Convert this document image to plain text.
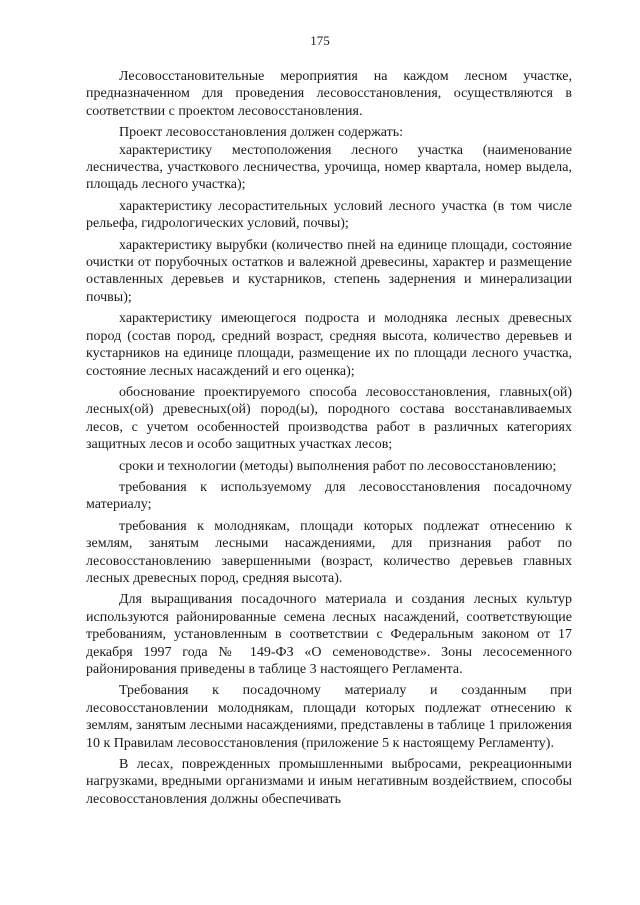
175

Лесовосстановительные мероприятия на каждом лесном участке, предназначенном для проведения лесовосстановления, осуществляются в соответствии с проектом лесовосстановления.

Проект лесовосстановления должен содержать:

характеристику местоположения лесного участка (наименование лесничества, участкового лесничества, урочища, номер квартала, номер выдела, площадь лесного участка);

характеристику лесорастительных условий лесного участка (в том числе рельефа, гидрологических условий, почвы);

характеристику вырубки (количество пней на единице площади, состояние очистки от порубочных остатков и валежной древесины, характер и размещение оставленных деревьев и кустарников, степень задернения и минерализации почвы);

характеристику имеющегося подроста и молодняка лесных древесных пород (состав пород, средний возраст, средняя высота, количество деревьев и кустарников на единице площади, размещение их по площади лесного участка, состояние лесных насаждений и его оценка);

обоснование проектируемого способа лесовосстановления, главных(ой) лесных(ой) древесных(ой) пород(ы), породного состава восстанавливаемых лесов, с учетом особенностей производства работ в различных категориях защитных лесов и особо защитных участках лесов;

сроки и технологии (методы) выполнения работ по лесовосстановлению;

требования к используемому для лесовосстановления посадочному материалу;

требования к молоднякам, площади которых подлежат отнесению к землям, занятым лесными насаждениями, для признания работ по лесовосстановлению завершенными (возраст, количество деревьев главных лесных древесных пород, средняя высота).

Для выращивания посадочного материала и создания лесных культур используются районированные семена лесных насаждений, соответствующие требованиям, установленным в соответствии с Федеральным законом от 17 декабря 1997 года № 149-ФЗ «О семеноводстве». Зоны лесосеменного районирования приведены в таблице 3 настоящего Регламента.

Требования к посадочному материалу и созданным при лесовосстановлении молоднякам, площади которых подлежат отнесению к землям, занятым лесными насаждениями, представлены в таблице 1 приложения 10 к Правилам лесовосстановления (приложение 5 к настоящему Регламенту).

В лесах, поврежденных промышленными выбросами, рекреационными нагрузками, вредными организмами и иным негативным воздействием, способы лесовосстановления должны обеспечивать
